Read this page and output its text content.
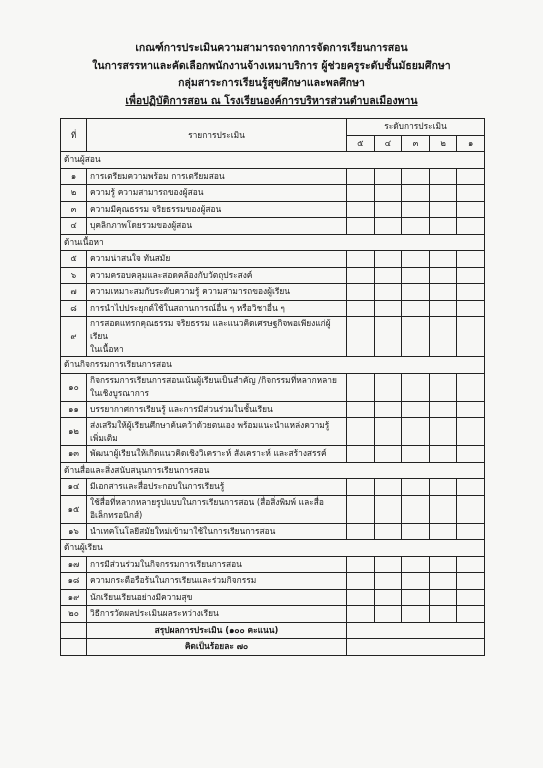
เกณฑ์การประเมินความสามารถจากการจัดการเรียนการสอน
ในการสรรหาและคัดเลือกพนักงานจ้างเหมาบริการ ผู้ช่วยครูระดับชั้นมัธยมศึกษา
กลุ่มสาระการเรียนรู้สุขศึกษาและพลศึกษา
เพื่อปฏิบัติการสอน ณ โรงเรียนองค์การบริหารส่วนตำบลเมืองพาน
ที่	รายการประเมิน	ระดับการประเมิน				
		๕	๔	๓	๒	๑
ด้านผู้สอน						
๑	การเตรียมความพร้อม การเตรียมสอน					

๒	ความรู้ ความสามารถของผู้สอน					

๓	ความมีคุณธรรม จริยธรรมของผู้สอน					

๔	บุคลิกภาพโดยรวมของผู้สอน					

ด้านเนื้อหา						
๕	ความน่าสนใจ ทันสมัย					

๖	ความครอบคลุมและสอดคล้องกับวัตถุประสงค์					

๗	ความเหมาะสมกับระดับความรู้ ความสามารถของผู้เรียน					

๘	การนำไปประยุกต์ใช้ในสถานการณ์อื่น ๆ หรือวิชาอื่น ๆ					

๙	การสอดแทรกคุณธรรม จริยธรรม และแนวคิดเศรษฐกิจพอเพียงแก่ผู้เรียน
ในเนื้อหา					

ด้านกิจกรรมการเรียนการสอน						
๑๐	กิจกรรมการเรียนการสอนเน้นผู้เรียนเป็นสำคัญ /กิจกรรมที่หลากหลาย
ในเชิงบูรณาการ					

๑๑	บรรยากาศการเรียนรู้ และการมีส่วนร่วมในชั้นเรียน					

๑๒	ส่งเสริมให้ผู้เรียนศึกษาค้นคว้าด้วยตนเอง พร้อมแนะนำแหล่งความรู้
เพิ่มเติม					

๑๓	พัฒนาผู้เรียนให้เกิดแนวคิดเชิงวิเคราะห์ สังเคราะห์ และสร้างสรรค์					

ด้านสื่อและสิ่งสนับสนุนการเรียนการสอน						
๑๔	มีเอกสารและสื่อประกอบในการเรียนรู้					

๑๕	ใช้สื่อที่หลากหลายรูปแบบในการเรียนการสอน (สื่อสิ่งพิมพ์ และสื่อ
อิเล็กทรอนิกส์)					

๑๖	นำเทคโนโลยีสมัยใหม่เข้ามาใช้ในการเรียนการสอน					

ด้านผู้เรียน						
๑๗	การมีส่วนร่วมในกิจกรรมการเรียนการสอน					

๑๘	ความกระตือรือร้นในการเรียนและร่วมกิจกรรม					

๑๙	นักเรียนเรียนอย่างมีความสุข					

๒๐	วิธีการวัดผลประเมินผลระหว่างเรียน					

	สรุปผลการประเมิน (๑๐๐ คะแนน)					
	คิดเป็นร้อยละ ๗๐					
